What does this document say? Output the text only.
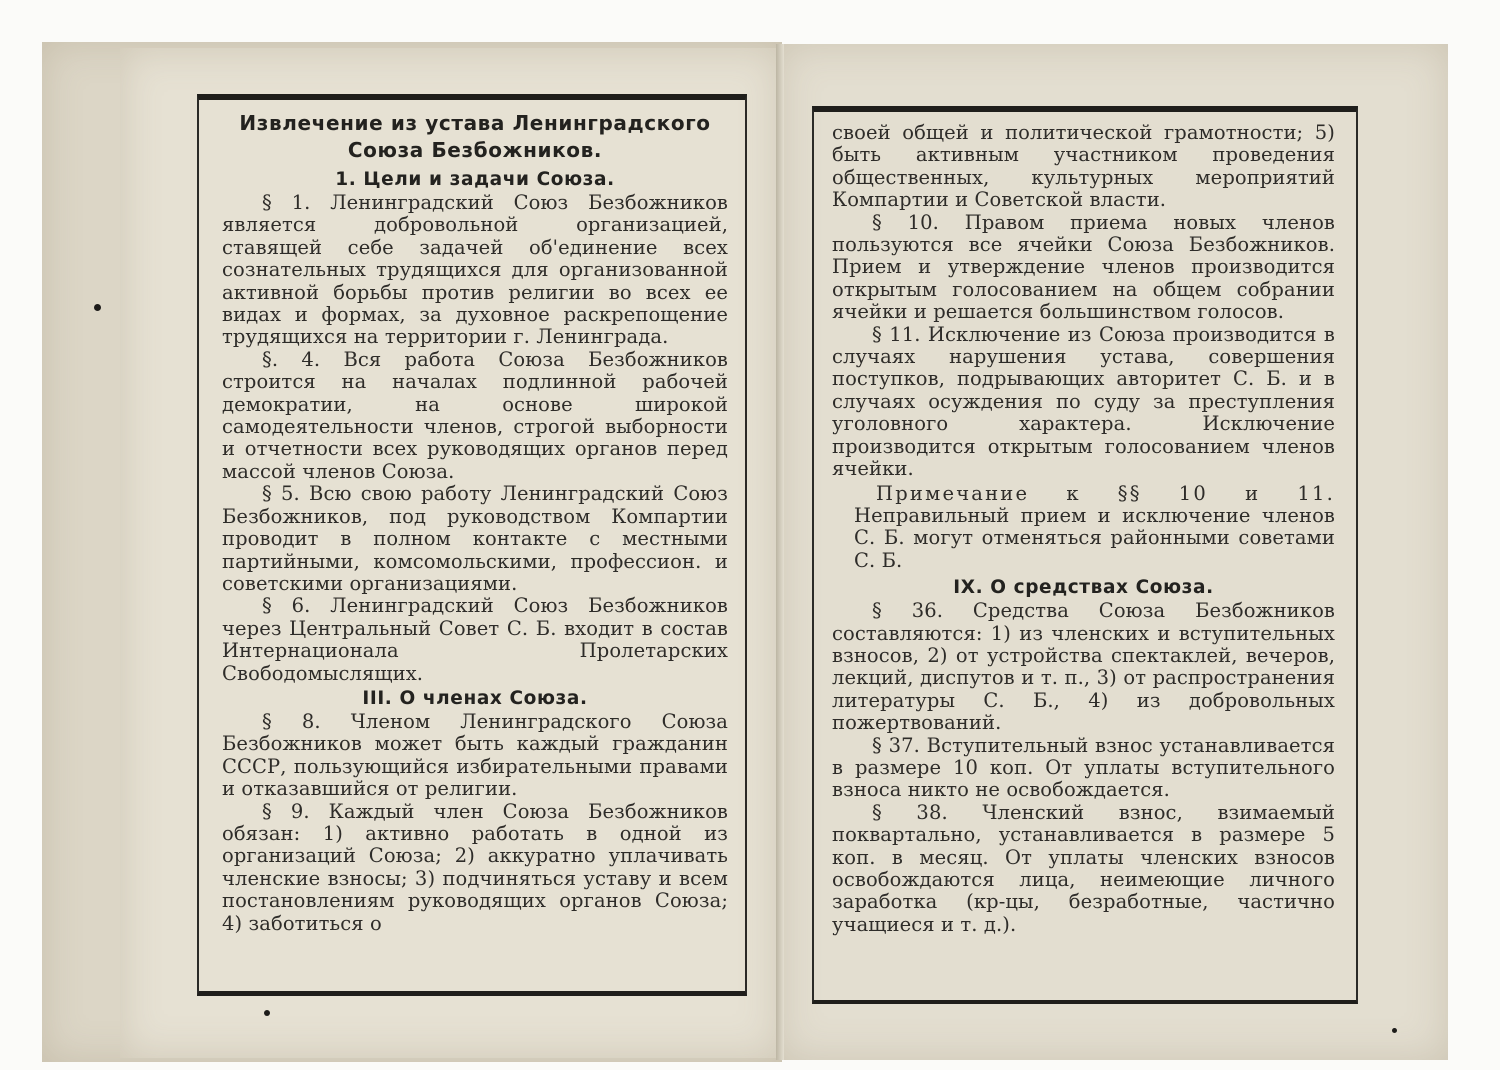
Извлечение из устава Ленинградского Союза Безбожников.
1. Цели и задачи Союза.

§ 1. Ленинградский Союз Безбожников является добровольной организацией, ставящей себе задачей об'единение всех сознательных трудящихся для организованной активной борьбы против религии во всех ее видах и формах, за духовное раскрепощение трудящихся на территории г. Ленинграда.

§. 4. Вся работа Союза Безбожников строится на началах подлинной рабочей демократии, на основе широкой самодеятельности членов, строгой выборности и отчетности всех руководящих органов перед массой членов Союза.

§ 5. Всю свою работу Ленинградский Союз Безбожников, под руководством Компартии проводит в полном контакте с местными партийными, комсомольскими, профессион. и советскими организациями.

§ 6. Ленинградский Союз Безбожников через Центральный Совет С. Б. входит в состав Интернационала Пролетарских Свободомыслящих.

III. О членах Союза.

§ 8. Членом Ленинградского Союза Безбожников может быть каждый гражданин СССР, пользующийся избирательными правами и отказавшийся от религии.

§ 9. Каждый член Союза Безбожников обязан: 1) активно работать в одной из организаций Союза; 2) аккуратно уплачивать членские взносы; 3) подчиняться уставу и всем постановлениям руководящих органов Союза; 4) заботиться о

своей общей и политической грамотности; 5) быть активным участником проведения общественных, культурных мероприятий Компартии и Советской власти.

§ 10. Правом приема новых членов пользуются все ячейки Союза Безбожников. Прием и утверждение членов производится открытым голосованием на общем собрании ячейки и решается большинством голосов.

§ 11. Исключение из Союза производится в случаях нарушения устава, совершения поступков, подрывающих авторитет С. Б. и в случаях осуждения по суду за преступления уголовного характера. Исключение производится открытым голосованием членов ячейки.

Примечание к §§ 10 и 11. Неправильный прием и исключение членов С. Б. могут отменяться районными советами С. Б.

IX. О средствах Союза.

§ 36. Средства Союза Безбожников составляются: 1) из членских и вступительных взносов, 2) от устройства спектаклей, вечеров, лекций, диспутов и т. п., 3) от распространения литературы С. Б., 4) из добровольных пожертвований.

§ 37. Вступительный взнос устанавливается в размере 10 коп. От уплаты вступительного взноса никто не освобождается.

§ 38. Членский взнос, взимаемый поквартально, устанавливается в размере 5 коп. в месяц. От уплаты членских взносов освобождаются лица, неимеющие личного заработка (кр-цы, безработные, частично учащиеся и т. д.).
